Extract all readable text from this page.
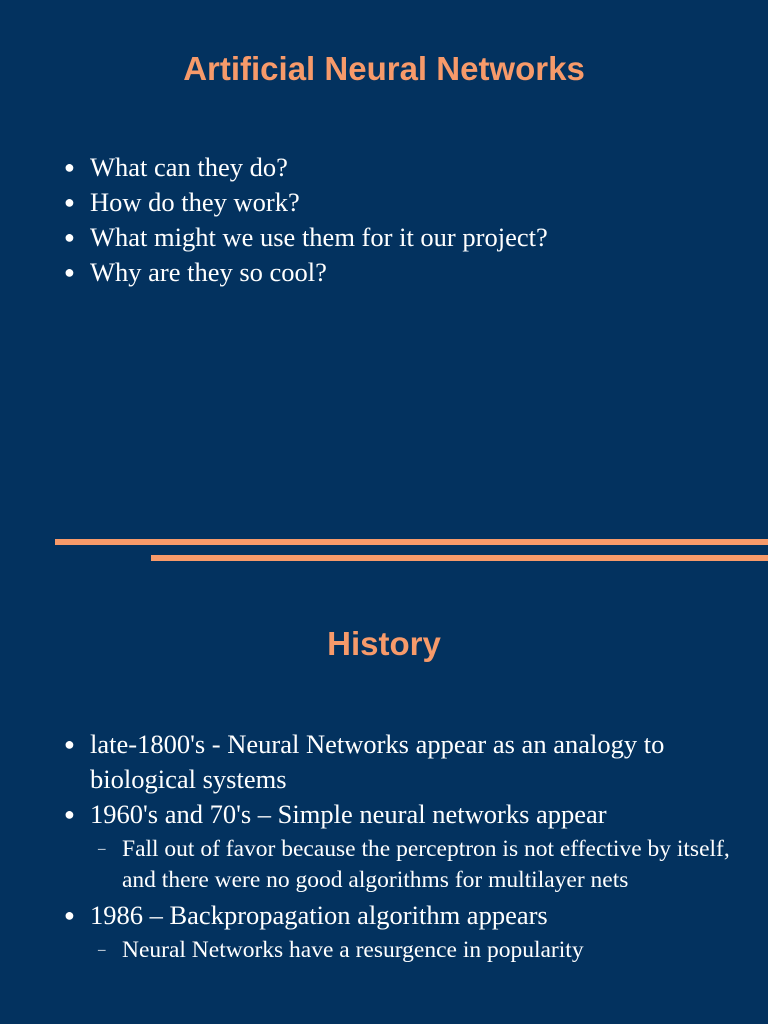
Artificial Neural Networks
● What can they do?
● How do they work?
● What might we use them for it our project?
● Why are they so cool?
History
● late-1800's - Neural Networks appear as an analogy to biological systems
● 1960's and 70's – Simple neural networks appear
– Fall out of favor because the perceptron is not effective by itself, and there were no good algorithms for multilayer nets
● 1986 – Backpropagation algorithm appears
– Neural Networks have a resurgence in popularity
